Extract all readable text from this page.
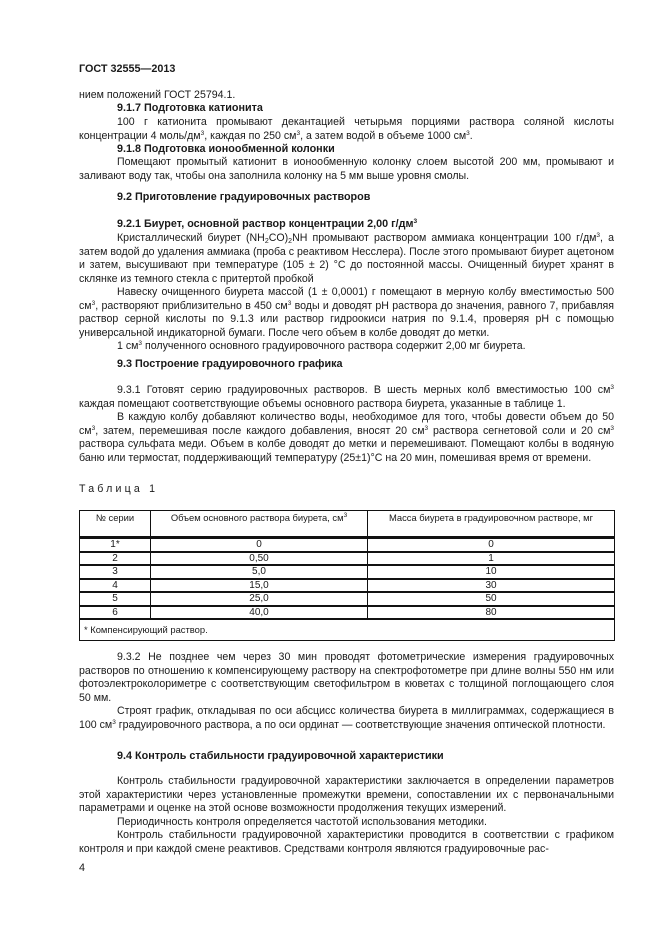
ГОСТ 32555—2013
нием положений ГОСТ 25794.1.
9.1.7 Подготовка катионита
100 г катионита промывают декантацией четырьмя порциями раствора соляной кислоты концентрации 4 моль/$дм^3$, каждая по 250 $см^3$, а затем водой в объеме 1000 $см^3$.
9.1.8 Подготовка ионообменной колонки
Помещают промытый катионит в ионообменную колонку слоем высотой 200 мм, промывают и заливают воду так, чтобы она заполнила колонку на 5 мм выше уровня смолы.
9.2 Приготовление градуировочных растворов
9.2.1 Биурет, основной раствор концентрации 2,00 $г/дм^3$
Кристаллический биурет $(NH_2CO)_2NH$ промывают раствором аммиака концентрации 100 $г/дм^3$, а затем водой до удаления аммиака (проба с реактивом Несслера). После этого промывают биурет ацетоном и затем, высушивают при температуре (105 ± 2) °С до постоянной массы. Очищенный биурет хранят в склянке из темного стекла с притертой пробкой
Навеску очищенного биурета массой (1 ± 0,0001) г помещают в мерную колбу вместимостью 500 $см^3$, растворяют приблизительно в 450 $см^3$ воды и доводят рН раствора до значения, равного 7, прибавляя раствор серной кислоты по 9.1.3 или раствор гидроокиси натрия по 9.1.4, проверяя рН с помощью универсальной индикаторной бумаги. После чего объем в колбе доводят до метки.
1 $см^3$ полученного основного градуировочного раствора содержит 2,00 мг биурета.
9.3 Построение градуировочного графика
9.3.1 Готовят серию градуировочных растворов. В шесть мерных колб вместимостью 100 $см^3$ каждая помещают соответствующие объемы основного раствора биурета, указанные в таблице 1.
В каждую колбу добавляют количество воды, необходимое для того, чтобы довести объем до 50 $см^3$, затем, перемешивая после каждого добавления, вносят 20 $см^3$ раствора сегнетовой соли и 20 $см^3$ раствора сульфата меди. Объем в колбе доводят до метки и перемешивают. Помещают колбы в водяную баню или термостат, поддерживающий температуру (25±1)°С на 20 мин, помешивая время от времени.
Таблица 1
№ серии	Объем основного раствора биурета, $см^3$	Масса биурета в градуировочном растворе, мг
1*	0	0
2	0,50	1
3	5,0	10
4	15,0	30
5	25,0	50
6	40,0	80
* Компенсирующий раствор.		
9.3.2 Не позднее чем через 30 мин проводят фотометрические измерения градуировочных растворов по отношению к компенсирующему раствору на спектрофотометре при длине волны 550 нм или фотоэлектроколориметре с соответствующим светофильтром в кюветах с толщиной поглощающего слоя 50 мм.
Строят график, откладывая по оси абсцисс количества биурета в миллиграммах, содержащиеся в 100 $см^3$ градуировочного раствора, а по оси ординат — соответствующие значения оптической плотности.
9.4 Контроль стабильности градуировочной характеристики
Контроль стабильности градуировочной характеристики заключается в определении параметров этой характеристики через установленные промежутки времени, сопоставлении их с первоначальными параметрами и оценке на этой основе возможности продолжения текущих измерений.
Периодичность контроля определяется частотой использования методики.
Контроль стабильности градуировочной характеристики проводится в соответствии с графиком контроля и при каждой смене реактивов. Средствами контроля являются градуировочные рас-
4
